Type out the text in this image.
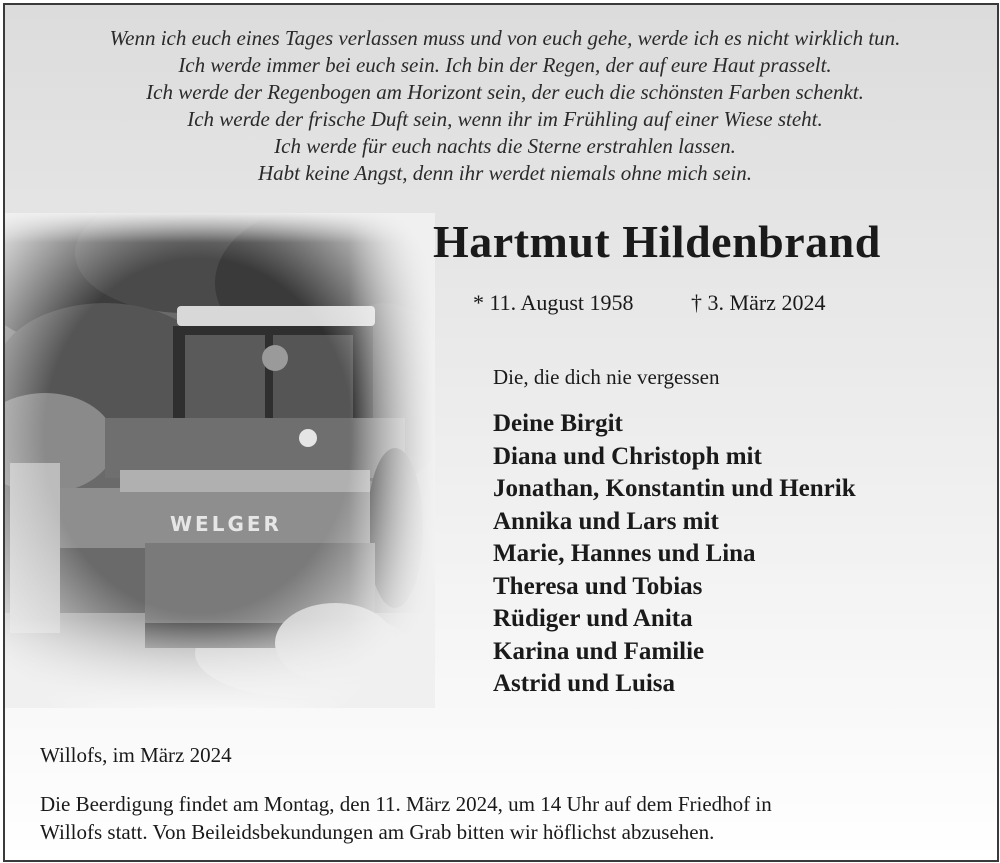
Wenn ich euch eines Tages verlassen muss und von euch gehe, werde ich es nicht wirklich tun.
Ich werde immer bei euch sein. Ich bin der Regen, der auf eure Haut prasselt.
Ich werde der Regenbogen am Horizont sein, der euch die schönsten Farben schenkt.
Ich werde der frische Duft sein, wenn ihr im Frühling auf einer Wiese steht.
Ich werde für euch nachts die Sterne erstrahlen lassen.
Habt keine Angst, denn ihr werdet niemals ohne mich sein.
Hartmut Hildenbrand
* 11. August 1958	† 3. März 2024
Die, die dich nie vergessen
Deine Birgit
Diana und Christoph mit
Jonathan, Konstantin und Henrik
Annika und Lars mit
Marie, Hannes und Lina
Theresa und Tobias
Rüdiger und Anita
Karina und Familie
Astrid und Luisa
Willofs, im März 2024
Die Beerdigung findet am Montag, den 11. März 2024, um 14 Uhr auf dem Friedhof in
Willofs statt. Von Beileidsbekundungen am Grab bitten wir höflichst abzusehen.
